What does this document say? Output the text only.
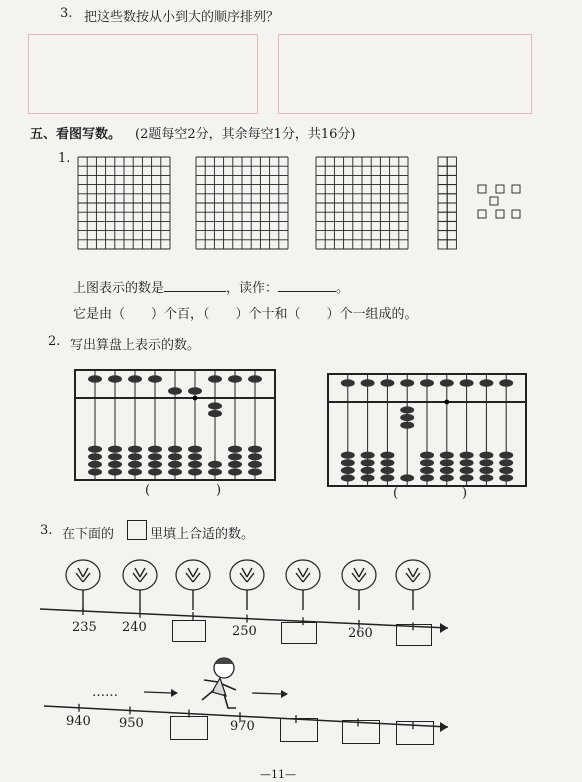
3. 把这些数按从小到大的顺序排列？
五、看图写数。 (2题每空2分，其余每空1分，共16分)
1.
上图表示的数是	，读作：	。
它是由（ ）个百，（ ）个十和（ ）个一组成的。
2. 写出算盘上表示的数。
(	)	(	)
3. 在下面的	里填上合适的数。
235 240	250	260
……
940 950	970
—11—
